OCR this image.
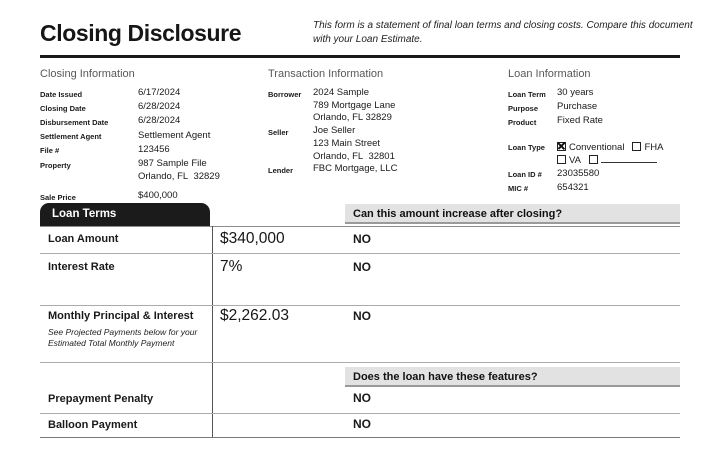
Closing Disclosure	This form is a statement of final loan terms and closing costs. Compare this document with your Loan Estimate.
Closing Information
Date Issued	6/17/2024
Closing Date	6/28/2024
Disbursement Date	6/28/2024
Settlement Agent	Settlement Agent
File #	123456
Property	987 Sample File
Orlando, FL  32829
Sale Price	$400,000
Transaction Information
Borrower	2024 Sample
789 Mortgage Lane
Orlando, FL 32829
Seller	Joe Seller
123 Main Street
Orlando, FL  32801
Lender	FBC Mortgage, LLC
Loan Information
Loan Term	30 years
Purpose	Purchase
Product	Fixed Rate
Loan Type	Conventional FHA
VA
Loan ID #	23035580
MIC #	654321
Loan Terms	Can this amount increase after closing?
Loan Amount	$340,000	NO
Interest Rate	7%	NO
Monthly Principal & Interest
See Projected Payments below for your Estimated Total Monthly Payment
$2,262.03	NO
Does the loan have these features?
Prepayment Penalty	NO
Balloon Payment	NO
